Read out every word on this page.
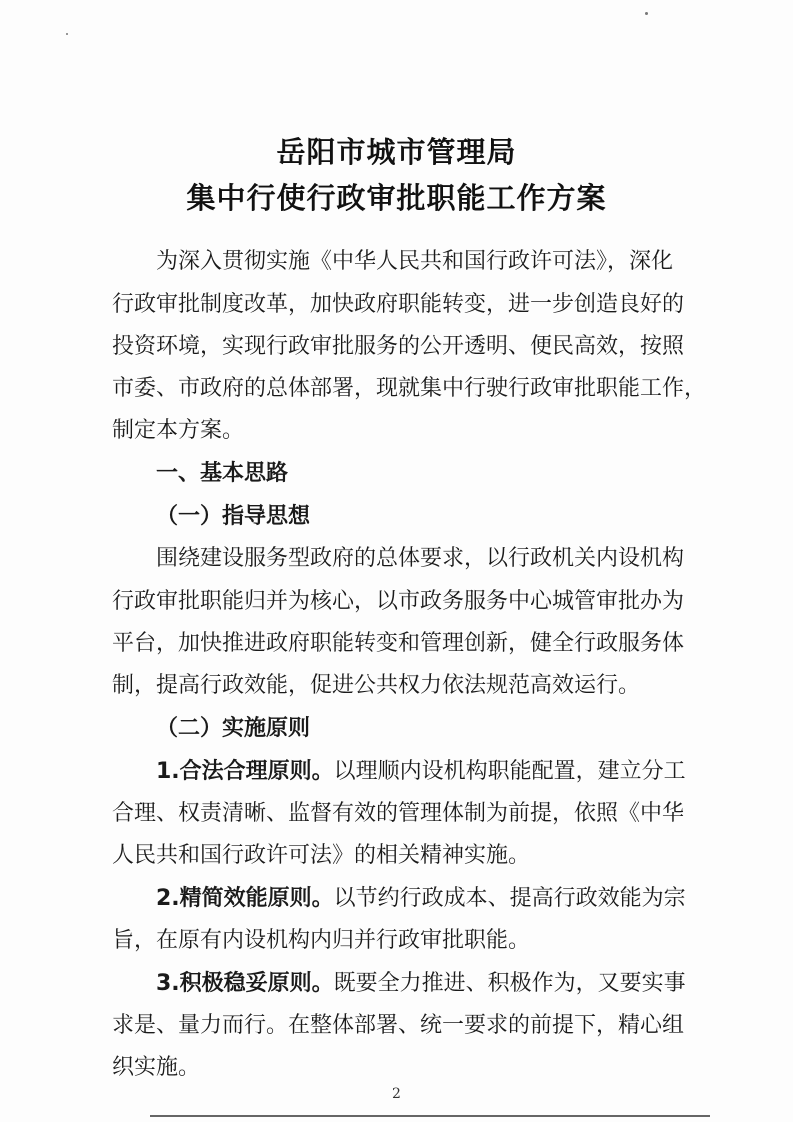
岳阳市城市管理局
集中行使行政审批职能工作方案
为深入贯彻实施《中华人民共和国行政许可法》，深化
行政审批制度改革，加快政府职能转变，进一步创造良好的
投资环境，实现行政审批服务的公开透明、便民高效，按照
市委、市政府的总体部署，现就集中行驶行政审批职能工作，
制定本方案。
一、基本思路
（一）指导思想
围绕建设服务型政府的总体要求，以行政机关内设机构
行政审批职能归并为核心，以市政务服务中心城管审批办为
平台，加快推进政府职能转变和管理创新，健全行政服务体
制，提高行政效能，促进公共权力依法规范高效运行。
（二）实施原则
1.合法合理原则。以理顺内设机构职能配置，建立分工
合理、权责清晰、监督有效的管理体制为前提，依照《中华
人民共和国行政许可法》的相关精神实施。
2.精简效能原则。以节约行政成本、提高行政效能为宗
旨，在原有内设机构内归并行政审批职能。
3.积极稳妥原则。既要全力推进、积极作为，又要实事
求是、量力而行。在整体部署、统一要求的前提下，精心组
织实施。
2
